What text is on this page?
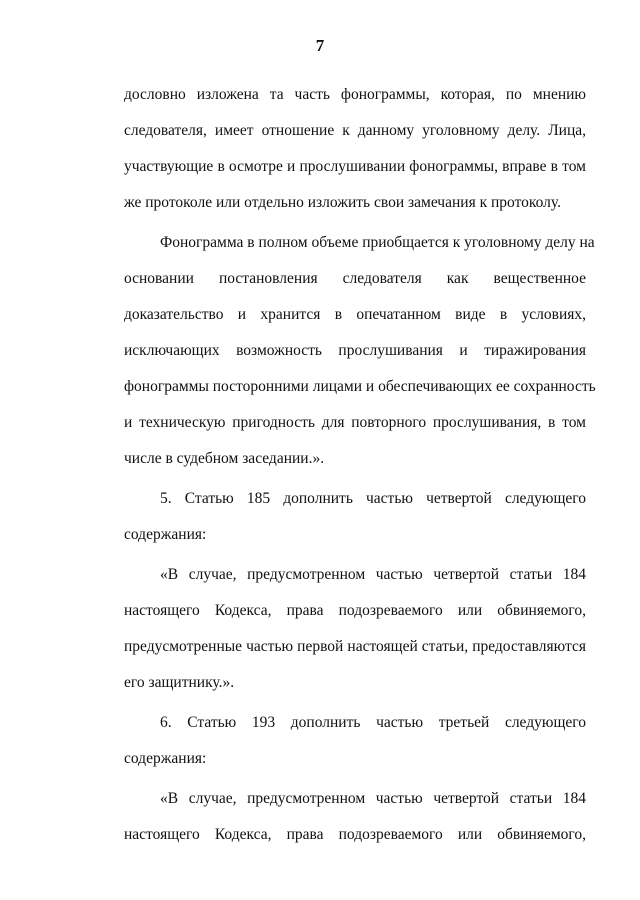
7
дословно изложена та часть фонограммы, которая, по мнению
следователя, имеет отношение к данному уголовному делу. Лица,
участвующие в осмотре и прослушивании фонограммы, вправе в том
же протоколе или отдельно изложить свои замечания к протоколу.
Фонограмма в полном объеме приобщается к уголовному делу на
основании постановления следователя как вещественное
доказательство и хранится в опечатанном виде в условиях,
исключающих возможность прослушивания и тиражирования
фонограммы посторонними лицами и обеспечивающих ее сохранность
и техническую пригодность для повторного прослушивания, в том
числе в судебном заседании.».
5. Статью 185 дополнить частью четвертой следующего
содержания:
«В случае, предусмотренном частью четвертой статьи 184
настоящего Кодекса, права подозреваемого или обвиняемого,
предусмотренные частью первой настоящей статьи, предоставляются
его защитнику.».
6. Статью 193 дополнить частью третьей следующего
содержания:
«В случае, предусмотренном частью четвертой статьи 184
настоящего Кодекса, права подозреваемого или обвиняемого,
